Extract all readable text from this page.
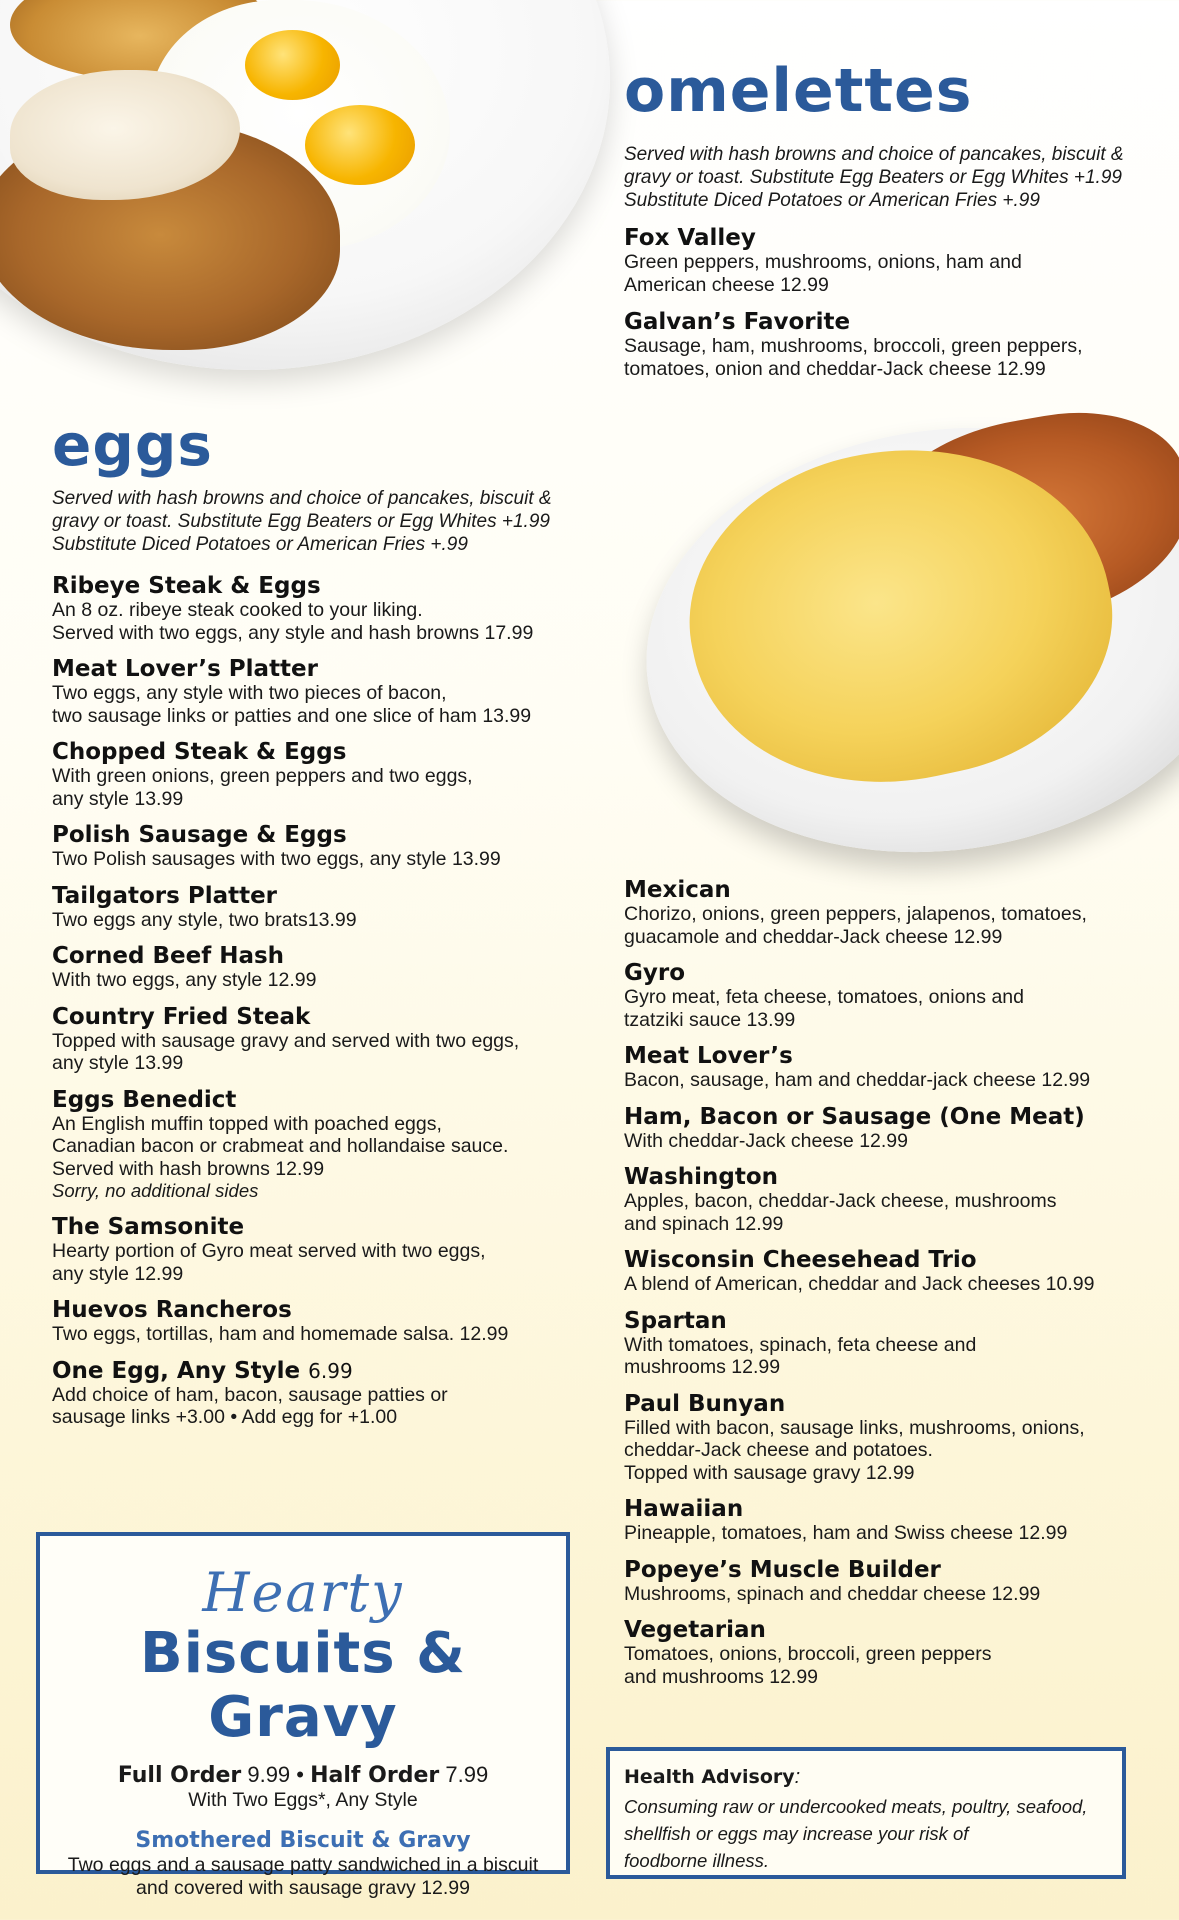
omelettes

Served with hash browns and choice of pancakes, biscuit &

gravy or toast. Substitute Egg Beaters or Egg Whites +1.99

Substitute Diced Potatoes or American Fries +.99

Fox Valley
Green peppers, mushrooms, onions, ham and
American cheese 12.99
Galvan’s Favorite
Sausage, ham, mushrooms, broccoli, green peppers,
tomatoes, onion and cheddar-Jack cheese 12.99
eggs

Served with hash browns and choice of pancakes, biscuit &

gravy or toast. Substitute Egg Beaters or Egg Whites +1.99

Substitute Diced Potatoes or American Fries +.99

Ribeye Steak & Eggs
An 8 oz. ribeye steak cooked to your liking.
Served with two eggs, any style and hash browns 17.99
Meat Lover’s Platter
Two eggs, any style with two pieces of bacon,
two sausage links or patties and one slice of ham 13.99
Chopped Steak & Eggs
With green onions, green peppers and two eggs,
any style 13.99
Polish Sausage & Eggs
Two Polish sausages with two eggs, any style 13.99
Tailgators Platter
Two eggs any style, two brats13.99
Corned Beef Hash
With two eggs, any style 12.99
Country Fried Steak
Topped with sausage gravy and served with two eggs,
any style 13.99
Eggs Benedict
An English muffin topped with poached eggs,
Canadian bacon or crabmeat and hollandaise sauce.
Served with hash browns 12.99
Sorry, no additional sides
The Samsonite
Hearty portion of Gyro meat served with two eggs,
any style 12.99
Huevos Rancheros
Two eggs, tortillas, ham and homemade salsa. 12.99
One Egg, Any Style 6.99
Add choice of ham, bacon, sausage patties or
sausage links +3.00 • Add egg for +1.00
Mexican
Chorizo, onions, green peppers, jalapenos, tomatoes,
guacamole and cheddar-Jack cheese 12.99
Gyro
Gyro meat, feta cheese, tomatoes, onions and
tzatziki sauce 13.99
Meat Lover’s
Bacon, sausage, ham and cheddar-jack cheese 12.99
Ham, Bacon or Sausage (One Meat)
With cheddar-Jack cheese 12.99
Washington
Apples, bacon, cheddar-Jack cheese, mushrooms
and spinach 12.99
Wisconsin Cheesehead Trio
A blend of American, cheddar and Jack cheeses 10.99
Spartan
With tomatoes, spinach, feta cheese and
mushrooms 12.99
Paul Bunyan
Filled with bacon, sausage links, mushrooms, onions,
cheddar-Jack cheese and potatoes.
Topped with sausage gravy 12.99
Hawaiian
Pineapple, tomatoes, ham and Swiss cheese 12.99
Popeye’s Muscle Builder
Mushrooms, spinach and cheddar cheese 12.99
Vegetarian
Tomatoes, onions, broccoli, green peppers
and mushrooms 12.99
Hearty
Biscuits & Gravy
Full Order 9.99 • Half Order 7.99
With Two Eggs*, Any Style
Smothered Biscuit & Gravy
Two eggs and a sausage patty sandwiched in a biscuit
and covered with sausage gravy 12.99
Health Advisory:
Consuming raw or undercooked meats, poultry, seafood,
shellfish or eggs may increase your risk of
foodborne illness.
